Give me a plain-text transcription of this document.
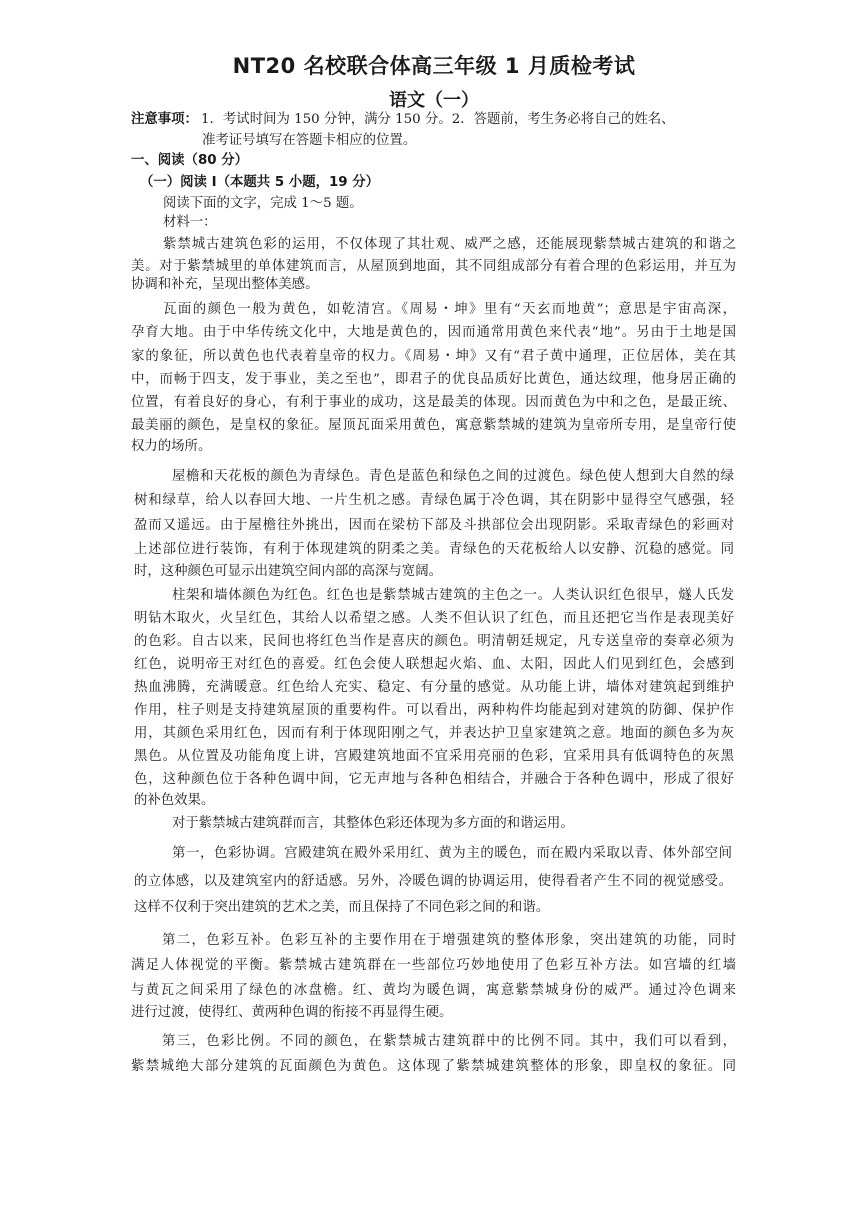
NT20 名校联合体高三年级 1 月质检考试
语文（一）
注意事项： 1．考试时间为 150 分钟，满分 150 分。2．答题前，考生务必将自己的姓名、
准考证号填写在答题卡相应的位置。
一、阅读（80 分）
（一）阅读 I（本题共 5 小题，19 分）
阅读下面的文字，完成 1～5 题。
材料一：
紫禁城古建筑色彩的运用，不仅体现了其壮观、威严之感，还能展现紫禁城古建筑的和谐之
美。对于紫禁城里的单体建筑而言，从屋顶到地面，其不同组成部分有着合理的色彩运用，并互为
协调和补充，呈现出整体美感。
瓦面的颜色一般为黄色，如乾清宫。《周易・坤》里有“天玄而地黄”；意思是宇宙高深，
孕育大地。由于中华传统文化中，大地是黄色的，因而通常用黄色来代表“地”。另由于土地是国
家的象征，所以黄色也代表着皇帝的权力。《周易・坤》又有“君子黄中通理，正位居体，美在其
中，而畅于四支，发于事业，美之至也”，即君子的优良品质好比黄色，通达纹理，他身居正确的
位置，有着良好的身心，有利于事业的成功，这是最美的体现。因而黄色为中和之色，是最正统、
最美丽的颜色，是皇权的象征。屋顶瓦面采用黄色，寓意紫禁城的建筑为皇帝所专用，是皇帝行使
权力的场所。
屋檐和天花板的颜色为青绿色。青色是蓝色和绿色之间的过渡色。绿色使人想到大自然的绿
树和绿草，给人以春回大地、一片生机之感。青绿色属于冷色调，其在阴影中显得空气感强，轻
盈而又遥远。由于屋檐往外挑出，因而在梁枋下部及斗拱部位会出现阴影。采取青绿色的彩画对
上述部位进行装饰，有利于体现建筑的阴柔之美。青绿色的天花板给人以安静、沉稳的感觉。同
时，这种颜色可显示出建筑空间内部的高深与宽阔。
柱架和墙体颜色为红色。红色也是紫禁城古建筑的主色之一。人类认识红色很早，燧人氏发
明钻木取火，火呈红色，其给人以希望之感。人类不但认识了红色，而且还把它当作是表现美好
的色彩。自古以来，民间也将红色当作是喜庆的颜色。明清朝廷规定，凡专送皇帝的奏章必须为
红色，说明帝王对红色的喜爱。红色会使人联想起火焰、血、太阳，因此人们见到红色，会感到
热血沸腾，充满暖意。红色给人充实、稳定、有分量的感觉。从功能上讲，墙体对建筑起到维护
作用，柱子则是支持建筑屋顶的重要构件。可以看出，两种构件均能起到对建筑的防御、保护作
用，其颜色采用红色，因而有利于体现阳刚之气，并表达护卫皇家建筑之意。地面的颜色多为灰
黑色。从位置及功能角度上讲，宫殿建筑地面不宜采用亮丽的色彩，宜采用具有低调特色的灰黑
色，这种颜色位于各种色调中间，它无声地与各种色相结合，并融合于各种色调中，形成了很好
的补色效果。
对于紫禁城古建筑群而言，其整体色彩还体现为多方面的和谐运用。
第一，色彩协调。宫殿建筑在殿外采用红、黄为主的暖色，而在殿内采取以青、体外部空间
的立体感，以及建筑室内的舒适感。另外，冷暖色调的协调运用，使得看者产生不同的视觉感受。
这样不仅利于突出建筑的艺术之美，而且保持了不同色彩之间的和谐。
第二，色彩互补。色彩互补的主要作用在于增强建筑的整体形象，突出建筑的功能，同时
满足人体视觉的平衡。紫禁城古建筑群在一些部位巧妙地使用了色彩互补方法。如宫墙的红墙
与黄瓦之间采用了绿色的冰盘檐。红、黄均为暖色调，寓意紫禁城身份的威严。通过冷色调来
进行过渡，使得红、黄两种色调的衔接不再显得生硬。
第三，色彩比例。不同的颜色，在紫禁城古建筑群中的比例不同。其中，我们可以看到，
紫禁城绝大部分建筑的瓦面颜色为黄色。这体现了紫禁城建筑整体的形象，即皇权的象征。同
